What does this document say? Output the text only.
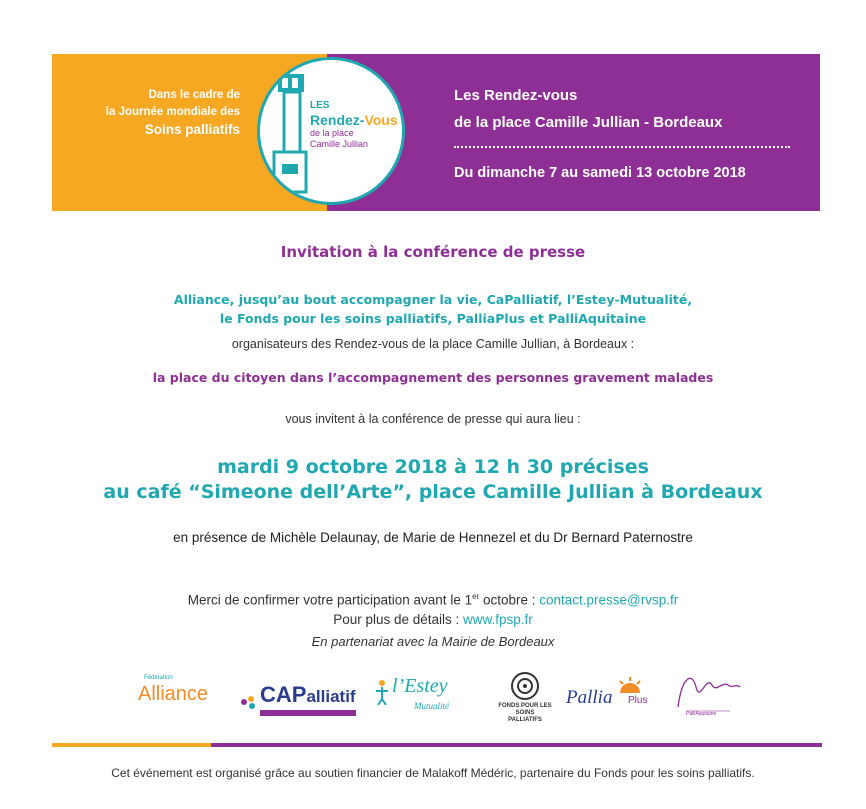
Dans le cadre de
la Journée mondiale des
Soins palliatifs
LES
Rendez-Vous
de la place
Camille Jullian
Les Rendez-vous
de la place Camille Jullian - Bordeaux
Du dimanche 7 au samedi 13 octobre 2018
Invitation à la conférence de presse
Alliance, jusqu’au bout accompagner la vie, CaPalliatif, l’Estey-Mutualité,
le Fonds pour les soins palliatifs, PalliaPlus et PalliAquitaine
organisateurs des Rendez-vous de la place Camille Jullian, à Bordeaux :
la place du citoyen dans l’accompagnement des personnes gravement malades
vous invitent à la conférence de presse qui aura lieu :
mardi 9 octobre 2018 à 12 h 30 précises
au café “Simeone dell’Arte”, place Camille Jullian à Bordeaux
en présence de Michèle Delaunay, de Marie de Hennezel et du Dr Bernard Paternostre
Merci de confirmer votre participation avant le 1er octobre : contact.presse@rvsp.fr
Pour plus de détails : www.fpsp.fr
En partenariat avec la Mairie de Bordeaux
Fédération
Alliance CAPalliatif l’Estey
Mutualité	FONDS POUR LES SOINS
PALLIATIFS
Pallia Plus
PalliAquitaine
Cet événement est organisé grâce au soutien financier de Malakoff Médéric, partenaire du Fonds pour les soins palliatifs.
